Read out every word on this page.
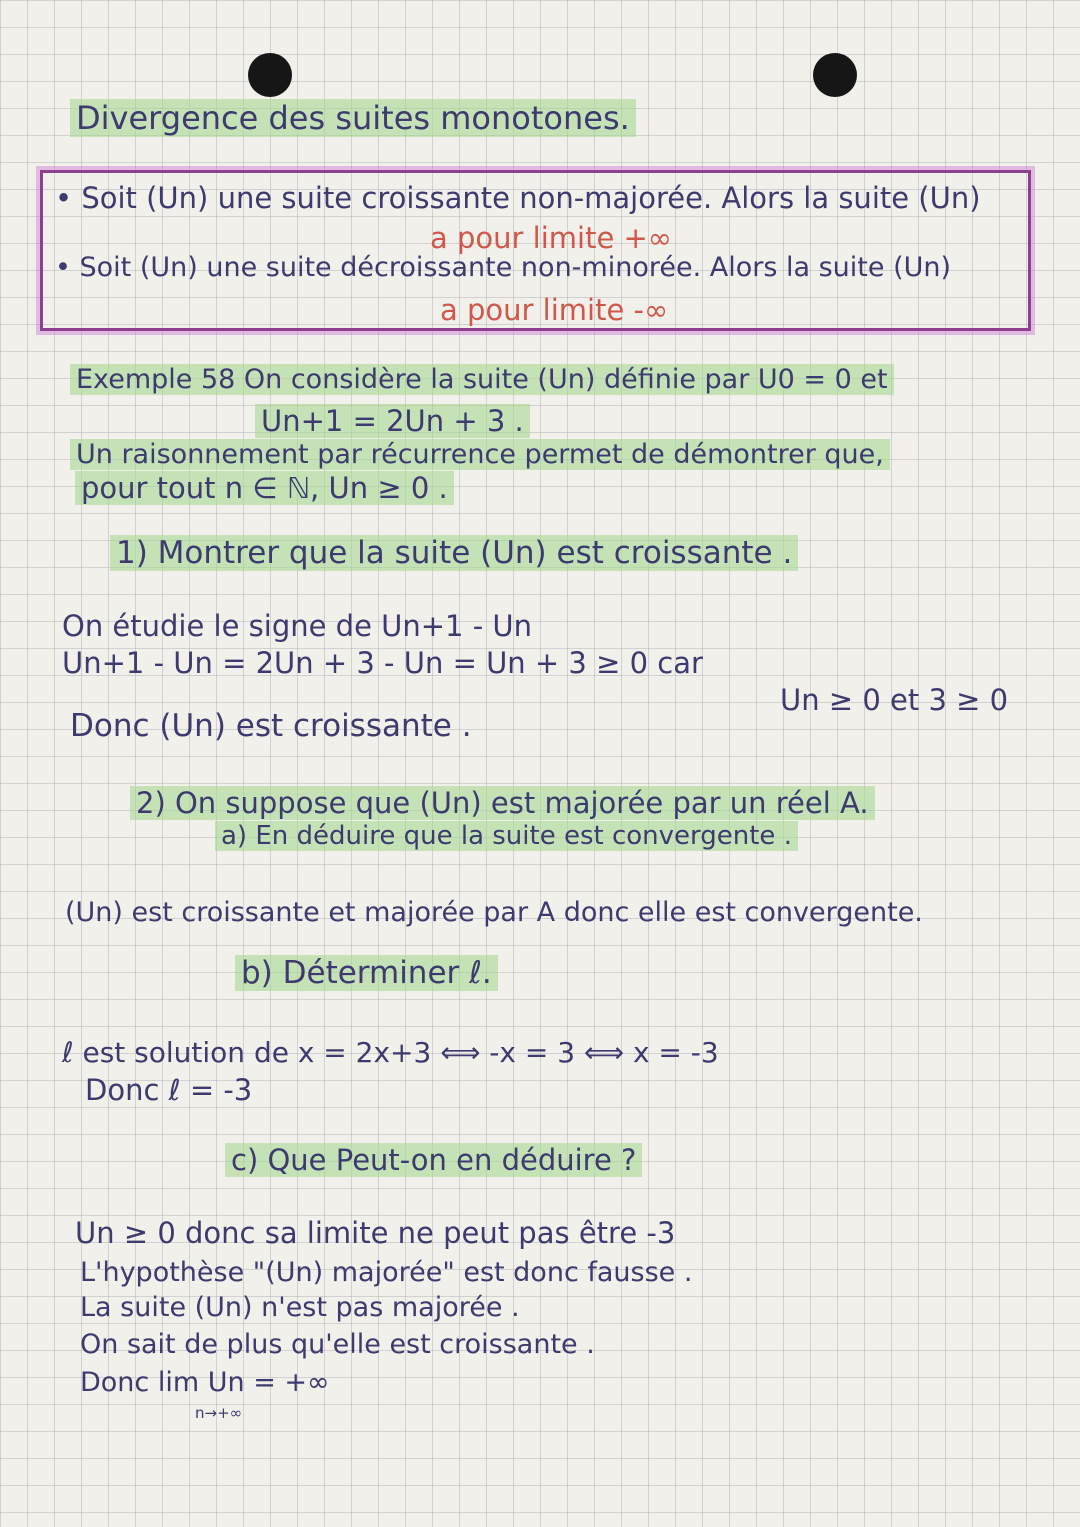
Divergence des suites monotones.
• Soit (Un) une suite croissante non-majorée. Alors la suite (Un)
a pour limite +∞
• Soit (Un) une suite décroissante non-minorée. Alors la suite (Un)
a pour limite -∞
Exemple 58 On considère la suite (Un) définie par U0 = 0 et
Un+1 = 2Un + 3 .
Un raisonnement par récurrence permet de démontrer que,
pour tout n ∈ ℕ, Un ≥ 0 .
1) Montrer que la suite (Un) est croissante .
On étudie le signe de Un+1 - Un
Un+1 - Un = 2Un + 3 - Un = Un + 3 ≥ 0 car
Un ≥ 0 et 3 ≥ 0
Donc (Un) est croissante .
2) On suppose que (Un) est majorée par un réel A.
a) En déduire que la suite est convergente .
(Un) est croissante et majorée par A donc elle est convergente.
b) Déterminer ℓ.
ℓ est solution de x = 2x+3 ⟺ -x = 3 ⟺ x = -3
Donc ℓ = -3
c) Que Peut-on en déduire ?
Un ≥ 0 donc sa limite ne peut pas être -3
L'hypothèse "(Un) majorée" est donc fausse .
La suite (Un) n'est pas majorée .
On sait de plus qu'elle est croissante .
Donc lim Un = +∞
n→+∞
